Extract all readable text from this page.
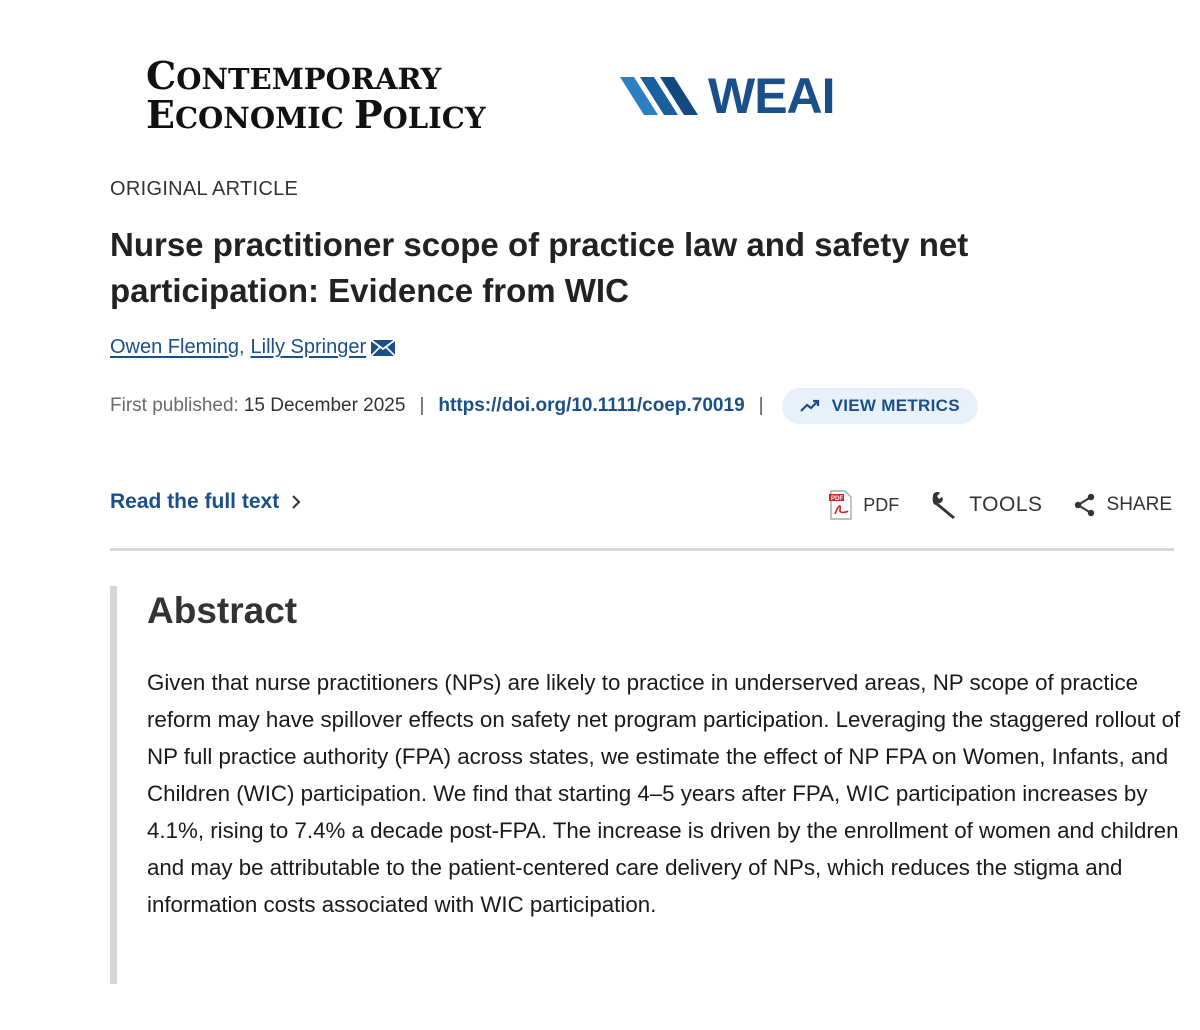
CONTEMPORARY
ECONOMIC POLICY	WEAI
ORIGINAL ARTICLE
Nurse practitioner scope of practice law and safety net participation: Evidence from WIC
Owen Fleming , Lilly Springer
First published: 15 December 2025 | https://doi.org/10.1111/coep.70019 |	VIEW METRICS
Read the full text	PDF PDF	TOOLS	SHARE
Abstract

Given that nurse practitioners (NPs) are likely to practice in underserved areas, NP scope of practice reform may have spillover effects on safety net program participation. Leveraging the staggered rollout of NP full practice authority (FPA) across states, we estimate the effect of NP FPA on Women, Infants, and Children (WIC) participation. We find that starting 4–5 years after FPA, WIC participation increases by 4.1%, rising to 7.4% a decade post-FPA. The increase is driven by the enrollment of women and children and may be attributable to the patient-centered care delivery of NPs, which reduces the stigma and information costs associated with WIC participation.
